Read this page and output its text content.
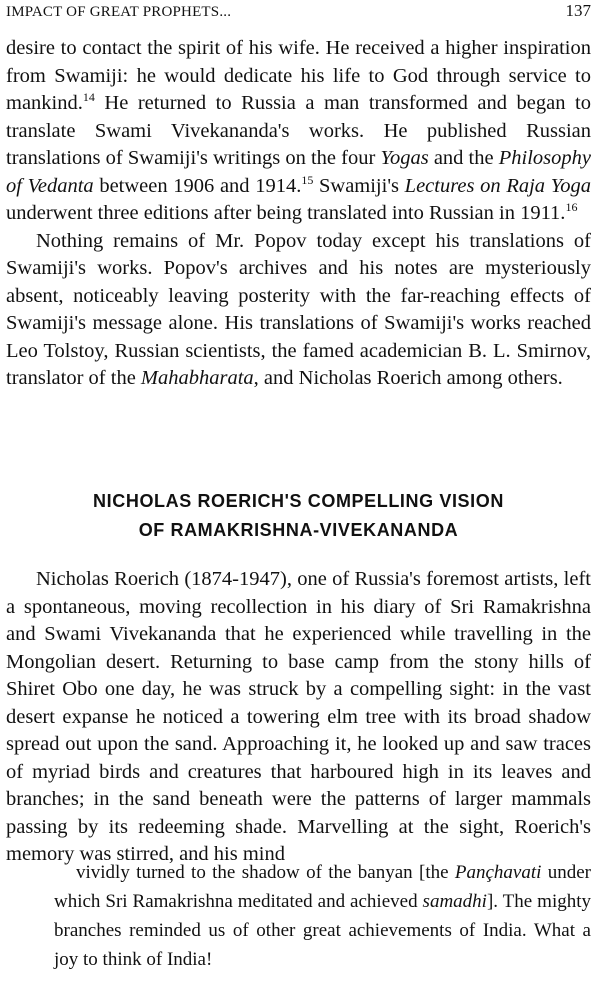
IMPACT OF GREAT PROPHETS...	137

desire to contact the spirit of his wife. He received a higher inspiration from Swamiji: he would dedicate his life to God through service to mankind.$^{14}$ He returned to Russia a man transformed and began to translate Swami Vivekananda's works. He published Russian translations of Swamiji's writings on the four Yogas and the Philosophy of Vedanta between 1906 and 1914.15 Swamiji's Lectures on Raja Yoga underwent three editions after being translated into Russian in 1911.16

Nothing remains of Mr. Popov today except his translations of Swamiji's works. Popov's archives and his notes are mysteriously absent, noticeably leaving posterity with the far-reaching effects of Swamiji's message alone. His translations of Swamiji's works reached Leo Tolstoy, Russian scientists, the famed academician B. L. Smirnov, translator of the Mahabharata, and Nicholas Roerich among others.

NICHOLAS ROERICH'S COMPELLING VISION
OF RAMAKRISHNA-VIVEKANANDA

Nicholas Roerich (1874-1947), one of Russia's foremost artists, left a spontaneous, moving recollection in his diary of Sri Ramakrishna and Swami Vivekananda that he experienced while travelling in the Mongolian desert. Returning to base camp from the stony hills of Shiret Obo one day, he was struck by a compelling sight: in the vast desert expanse he noticed a towering elm tree with its broad shadow spread out upon the sand. Approaching it, he looked up and saw traces of myriad birds and creatures that harboured high in its leaves and branches; in the sand beneath were the patterns of larger mammals passing by its redeeming shade. Marvelling at the sight, Roerich's memory was stirred, and his mind

vividly turned to the shadow of the banyan [the Pançhavati under which Sri Ramakrishna meditated and achieved samadhi]. The mighty branches reminded us of other great achievements of India. What a joy to think of India!
